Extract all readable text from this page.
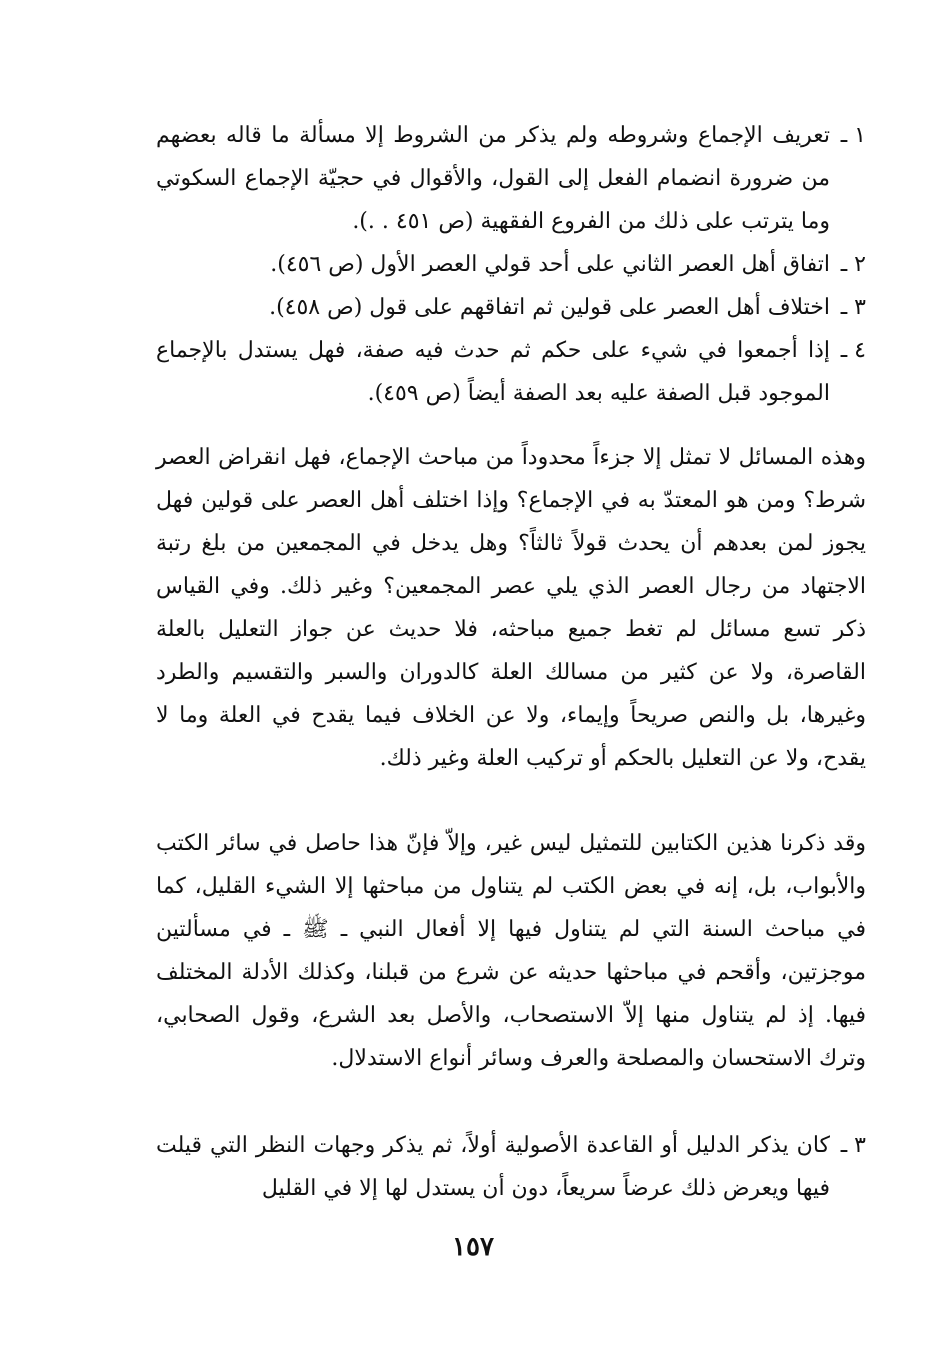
١ ـ
تعريف الإجماع وشروطه ولم يذكر من الشروط إلا مسألة ما قاله بعضهم من ضرورة انضمام الفعل إلى القول، والأقوال في حجيّة الإجماع السكوتي وما يترتب على ذلك من الفروع الفقهية (ص ٤٥١ . .).

٢ ـ
اتفاق أهل العصر الثاني على أحد قولي العصر الأول (ص ٤٥٦).

٣ ـ
اختلاف أهل العصر على قولين ثم اتفاقهم على قول (ص ٤٥٨).

٤ ـ
إذا أجمعوا في شيء على حكم ثم حدث فيه صفة، فهل يستدل بالإجماع الموجود قبل الصفة عليه بعد الصفة أيضاً (ص ٤٥٩).

وهذه المسائل لا تمثل إلا جزءاً محدوداً من مباحث الإجماع، فهل انقراض العصر شرط؟ ومن هو المعتدّ به في الإجماع؟ وإذا اختلف أهل العصر على قولين فهل يجوز لمن بعدهم أن يحدث قولاً ثالثاً؟ وهل يدخل في المجمعين من بلغ رتبة الاجتهاد من رجال العصر الذي يلي عصر المجمعين؟ وغير ذلك. وفي القياس ذكر تسع مسائل لم تغط جميع مباحثه، فلا حديث عن جواز التعليل بالعلة القاصرة، ولا عن كثير من مسالك العلة كالدوران والسبر والتقسيم والطرد وغيرها، بل والنص صريحاً وإيماء، ولا عن الخلاف فيما يقدح في العلة وما لا يقدح، ولا عن التعليل بالحكم أو تركيب العلة وغير ذلك.

وقد ذكرنا هذين الكتابين للتمثيل ليس غير، وإلاّ فإنّ هذا حاصل في سائر الكتب والأبواب، بل، إنه في بعض الكتب لم يتناول من مباحثها إلا الشيء القليل، كما في مباحث السنة التي لم يتناول فيها إلا أفعال النبي ـ ﷺ ـ في مسألتين موجزتين، وأقحم في مباحثها حديثه عن شرع من قبلنا، وكذلك الأدلة المختلف فيها. إذ لم يتناول منها إلاّ الاستصحاب، والأصل بعد الشرع، وقول الصحابي، وترك الاستحسان والمصلحة والعرف وسائر أنواع الاستدلال.

٣ ـ
كان يذكر الدليل أو القاعدة الأصولية أولاً، ثم يذكر وجهات النظر التي قيلت فيها ويعرض ذلك عرضاً سريعاً، دون أن يستدل لها إلا في القليل

١٥٧
